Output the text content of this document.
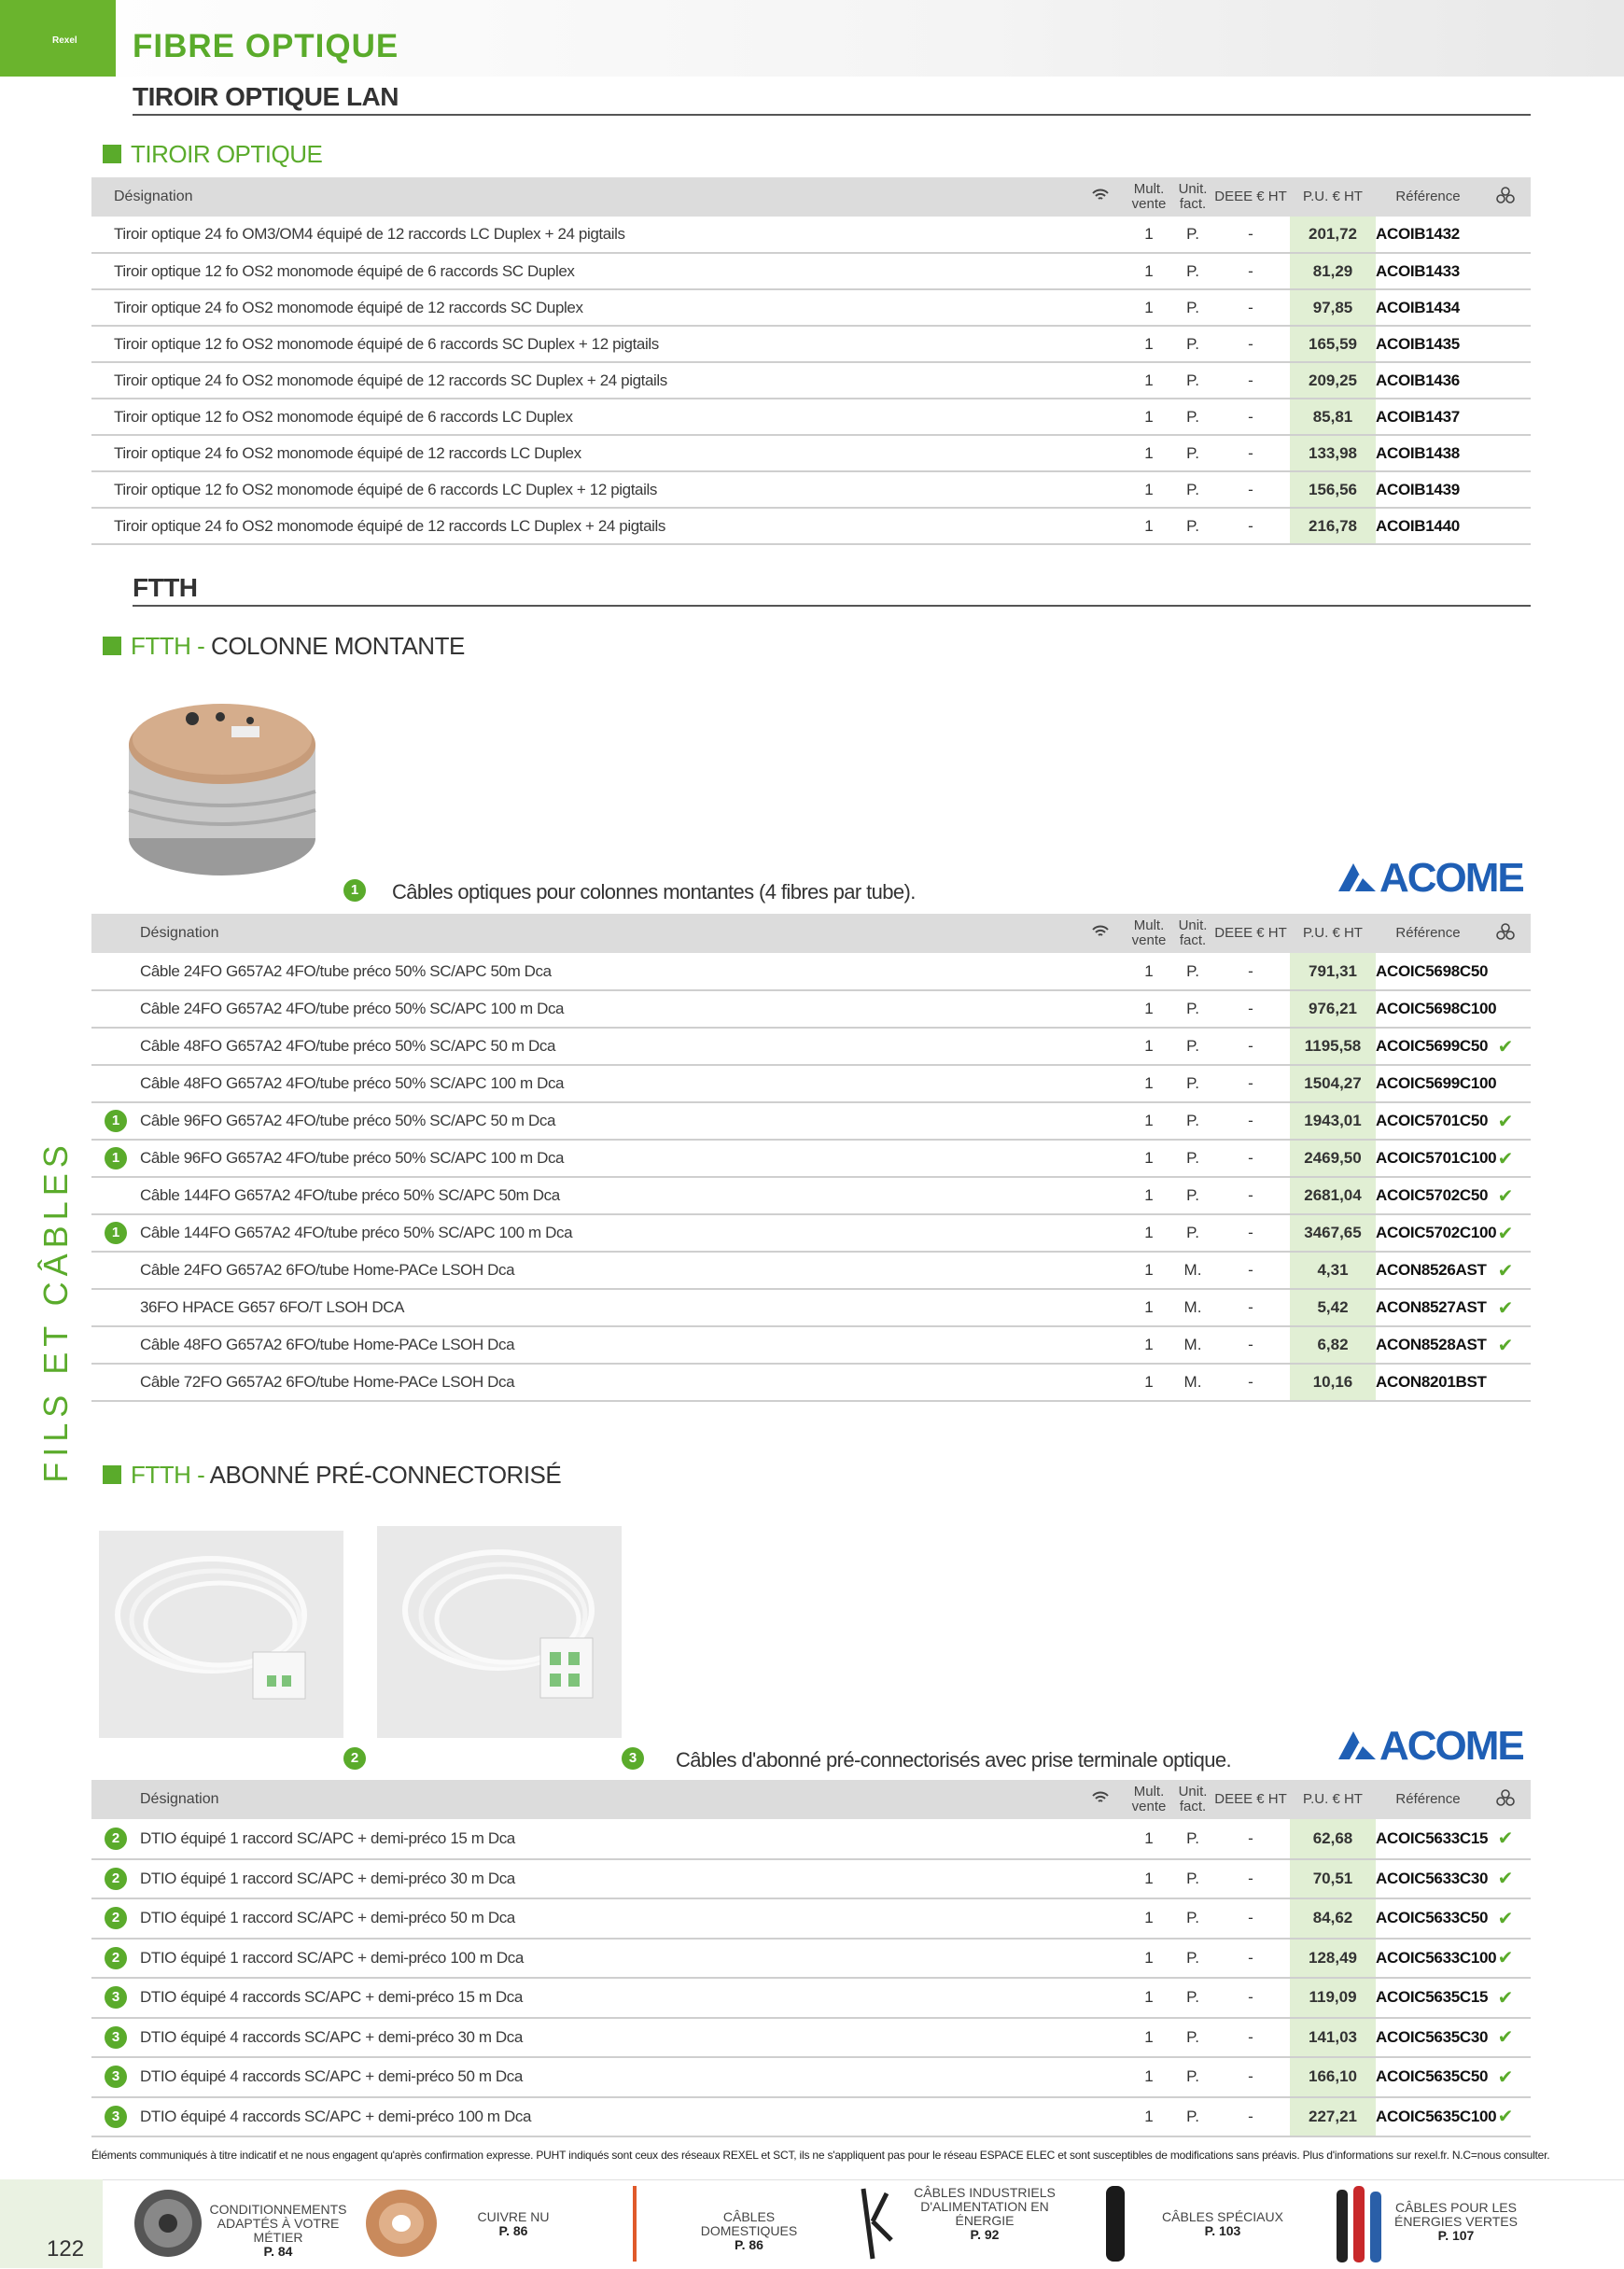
Rexel FIBRE OPTIQUE
TIROIR OPTIQUE LAN
FILS ET CÂBLES
TIROIR OPTIQUE
Désignation		Mult. vente	Unit. fact.	DEEE € HT	P.U. € HT	Référence	
Tiroir optique 24 fo OM3/OM4 équipé de 12 raccords LC Duplex + 24 pigtails		1	P.	-	201,72	ACOIB1432	
Tiroir optique 12 fo OS2 monomode équipé de 6 raccords SC Duplex		1	P.	-	81,29	ACOIB1433	
Tiroir optique 24 fo OS2 monomode équipé de 12 raccords SC Duplex		1	P.	-	97,85	ACOIB1434	
Tiroir optique 12 fo OS2 monomode équipé de 6 raccords SC Duplex + 12 pigtails		1	P.	-	165,59	ACOIB1435	
Tiroir optique 24 fo OS2 monomode équipé de 12 raccords SC Duplex + 24 pigtails		1	P.	-	209,25	ACOIB1436	
Tiroir optique 12 fo OS2 monomode équipé de 6 raccords LC Duplex		1	P.	-	85,81	ACOIB1437	
Tiroir optique 24 fo OS2 monomode équipé de 12 raccords LC Duplex		1	P.	-	133,98	ACOIB1438	
Tiroir optique 12 fo OS2 monomode équipé de 6 raccords LC Duplex + 12 pigtails		1	P.	-	156,56	ACOIB1439	
Tiroir optique 24 fo OS2 monomode équipé de 12 raccords LC Duplex + 24 pigtails		1	P.	-	216,78	ACOIB1440	
FTTH
FTTH - COLONNE MONTANTE
ACOME
1	Câbles optiques pour colonnes montantes (4 fibres par tube).
	Désignation		Mult. vente	Unit. fact.	DEEE € HT	P.U. € HT	Référence	
	Câble 24FO G657A2 4FO/tube préco 50% SC/APC 50m Dca		1	P.	-	791,31	ACOIC5698C50	
	Câble 24FO G657A2 4FO/tube préco 50% SC/APC 100 m Dca		1	P.	-	976,21	ACOIC5698C100	
	Câble 48FO G657A2 4FO/tube préco 50% SC/APC 50 m Dca		1	P.	-	1195,58	ACOIC5699C50	✔
	Câble 48FO G657A2 4FO/tube préco 50% SC/APC 100 m Dca		1	P.	-	1504,27	ACOIC5699C100	
1	Câble 96FO G657A2 4FO/tube préco 50% SC/APC 50 m Dca		1	P.	-	1943,01	ACOIC5701C50	✔
1	Câble 96FO G657A2 4FO/tube préco 50% SC/APC 100 m Dca		1	P.	-	2469,50	ACOIC5701C100	✔
	Câble 144FO G657A2 4FO/tube préco 50% SC/APC 50m Dca		1	P.	-	2681,04	ACOIC5702C50	✔
1	Câble 144FO G657A2 4FO/tube préco 50% SC/APC 100 m Dca		1	P.	-	3467,65	ACOIC5702C100	✔
	Câble 24FO G657A2 6FO/tube Home-PACe LSOH Dca		1	M.	-	4,31	ACON8526AST	✔
	36FO HPACE G657 6FO/T LSOH DCA		1	M.	-	5,42	ACON8527AST	✔
	Câble 48FO G657A2 6FO/tube Home-PACe LSOH Dca		1	M.	-	6,82	ACON8528AST	✔
	Câble 72FO G657A2 6FO/tube Home-PACe LSOH Dca		1	M.	-	10,16	ACON8201BST	
FTTH - ABONNÉ PRÉ-CONNECTORISÉ
2	3	ACOME
Câbles d'abonné pré-connectorisés avec prise terminale optique.
	Désignation		Mult. vente	Unit. fact.	DEEE € HT	P.U. € HT	Référence	
2	DTIO équipé 1 raccord SC/APC + demi-préco 15 m Dca		1	P.	-	62,68	ACOIC5633C15	✔
2	DTIO équipé 1 raccord SC/APC + demi-préco 30 m Dca		1	P.	-	70,51	ACOIC5633C30	✔
2	DTIO équipé 1 raccord SC/APC + demi-préco 50 m Dca		1	P.	-	84,62	ACOIC5633C50	✔
2	DTIO équipé 1 raccord SC/APC + demi-préco 100 m Dca		1	P.	-	128,49	ACOIC5633C100	✔
3	DTIO équipé 4 raccords SC/APC + demi-préco 15 m Dca		1	P.	-	119,09	ACOIC5635C15	✔
3	DTIO équipé 4 raccords SC/APC + demi-préco 30 m Dca		1	P.	-	141,03	ACOIC5635C30	✔
3	DTIO équipé 4 raccords SC/APC + demi-préco 50 m Dca		1	P.	-	166,10	ACOIC5635C50	✔
3	DTIO équipé 4 raccords SC/APC + demi-préco 100 m Dca		1	P.	-	227,21	ACOIC5635C100	✔
Éléments communiqués à titre indicatif et ne nous engagent qu'après confirmation expresse. PUHT indiqués sont ceux des réseaux REXEL et SCT, ils ne s'appliquent pas pour le réseau ESPACE ELEC et sont susceptibles de modifications sans préavis. Plus d'informations sur rexel.fr. N.C=nous consulter.
122
CONDITIONNEMENTS ADAPTÉS À VOTRE MÉTIER
P. 84
CUIVRE NU
P. 86
CÂBLES DOMESTIQUES
P. 86
CÂBLES INDUSTRIELS D'ALIMENTATION EN ÉNERGIE
P. 92
CÂBLES SPÉCIAUX
P. 103
CÂBLES POUR LES ÉNERGIES VERTES
P. 107
